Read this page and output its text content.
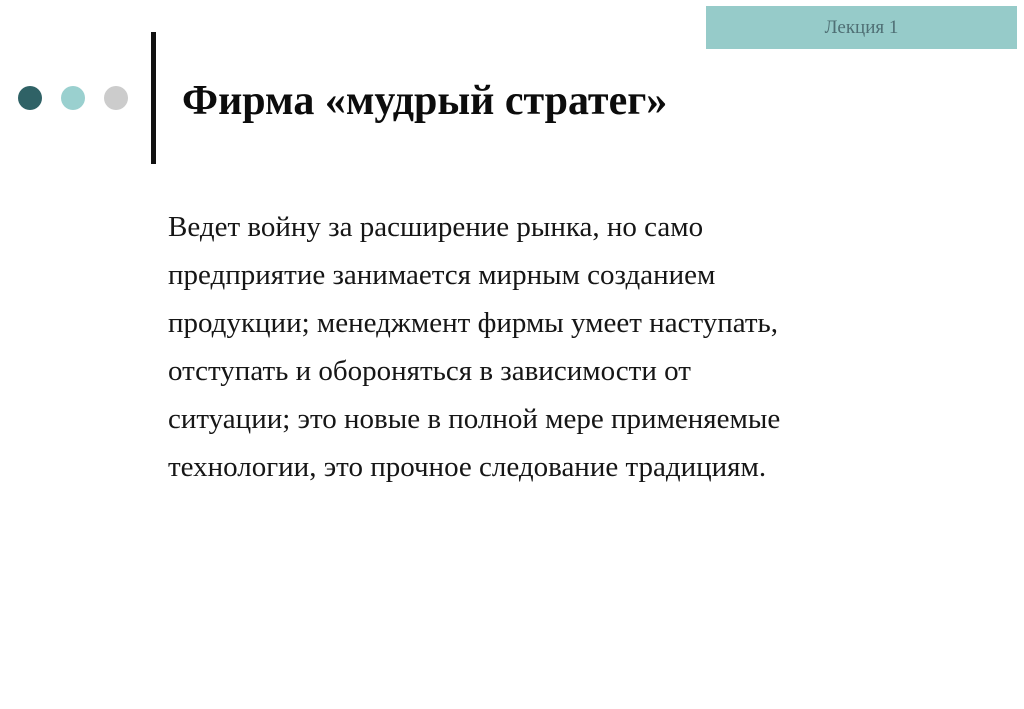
Лекция 1
Фирма «мудрый стратег»
Ведет войну за расширение рынка, но само
предприятие занимается мирным созданием
продукции; менеджмент фирмы умеет наступать,
отступать и обороняться в зависимости от
ситуации; это новые в полной мере применяемые
технологии, это прочное следование традициям.
